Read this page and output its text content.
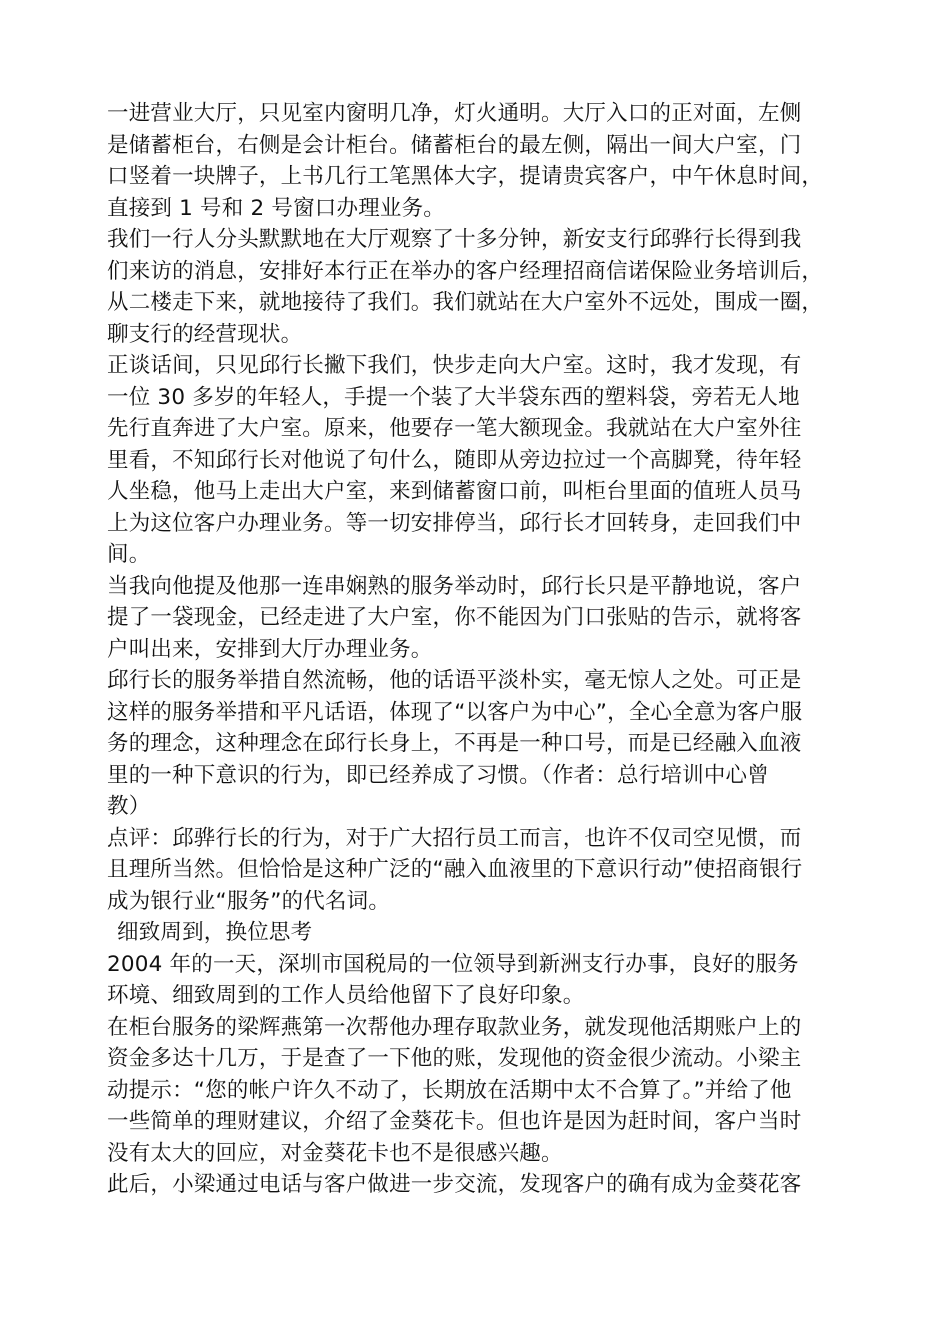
一进营业大厅，只见室内窗明几净，灯火通明。大厅入口的正对面，左侧
是储蓄柜台，右侧是会计柜台。储蓄柜台的最左侧，隔出一间大户室，门
口竖着一块牌子，上书几行工笔黑体大字，提请贵宾客户，中午休息时间，
直接到 1 号和 2 号窗口办理业务。
我们一行人分头默默地在大厅观察了十多分钟，新安支行邱骅行长得到我
们来访的消息，安排好本行正在举办的客户经理招商信诺保险业务培训后，
从二楼走下来，就地接待了我们。我们就站在大户室外不远处，围成一圈，
聊支行的经营现状。
正谈话间，只见邱行长撇下我们，快步走向大户室。这时，我才发现，有
一位 30 多岁的年轻人，手提一个装了大半袋东西的塑料袋，旁若无人地
先行直奔进了大户室。原来，他要存一笔大额现金。我就站在大户室外往
里看，不知邱行长对他说了句什么，随即从旁边拉过一个高脚凳，待年轻
人坐稳，他马上走出大户室，来到储蓄窗口前，叫柜台里面的值班人员马
上为这位客户办理业务。等一切安排停当，邱行长才回转身，走回我们中
间。
当我向他提及他那一连串娴熟的服务举动时，邱行长只是平静地说，客户
提了一袋现金，已经走进了大户室，你不能因为门口张贴的告示，就将客
户叫出来，安排到大厅办理业务。
邱行长的服务举措自然流畅，他的话语平淡朴实，毫无惊人之处。可正是
这样的服务举措和平凡话语，体现了“以客户为中心”，全心全意为客户服
务的理念，这种理念在邱行长身上，不再是一种口号，而是已经融入血液
里的一种下意识的行为，即已经养成了习惯。（作者：总行培训中心曾
教）
点评：邱骅行长的行为，对于广大招行员工而言，也许不仅司空见惯，而
且理所当然。但恰恰是这种广泛的“融入血液里的下意识行动”使招商银行
成为银行业“服务”的代名词。
细致周到，换位思考
2004 年的一天，深圳市国税局的一位领导到新洲支行办事，良好的服务
环境、细致周到的工作人员给他留下了良好印象。
在柜台服务的梁辉燕第一次帮他办理存取款业务，就发现他活期账户上的
资金多达十几万，于是查了一下他的账，发现他的资金很少流动。小梁主
动提示：“您的帐户许久不动了，长期放在活期中太不合算了。”并给了他
一些简单的理财建议，介绍了金葵花卡。但也许是因为赶时间，客户当时
没有太大的回应，对金葵花卡也不是很感兴趣。
此后，小梁通过电话与客户做进一步交流，发现客户的确有成为金葵花客
